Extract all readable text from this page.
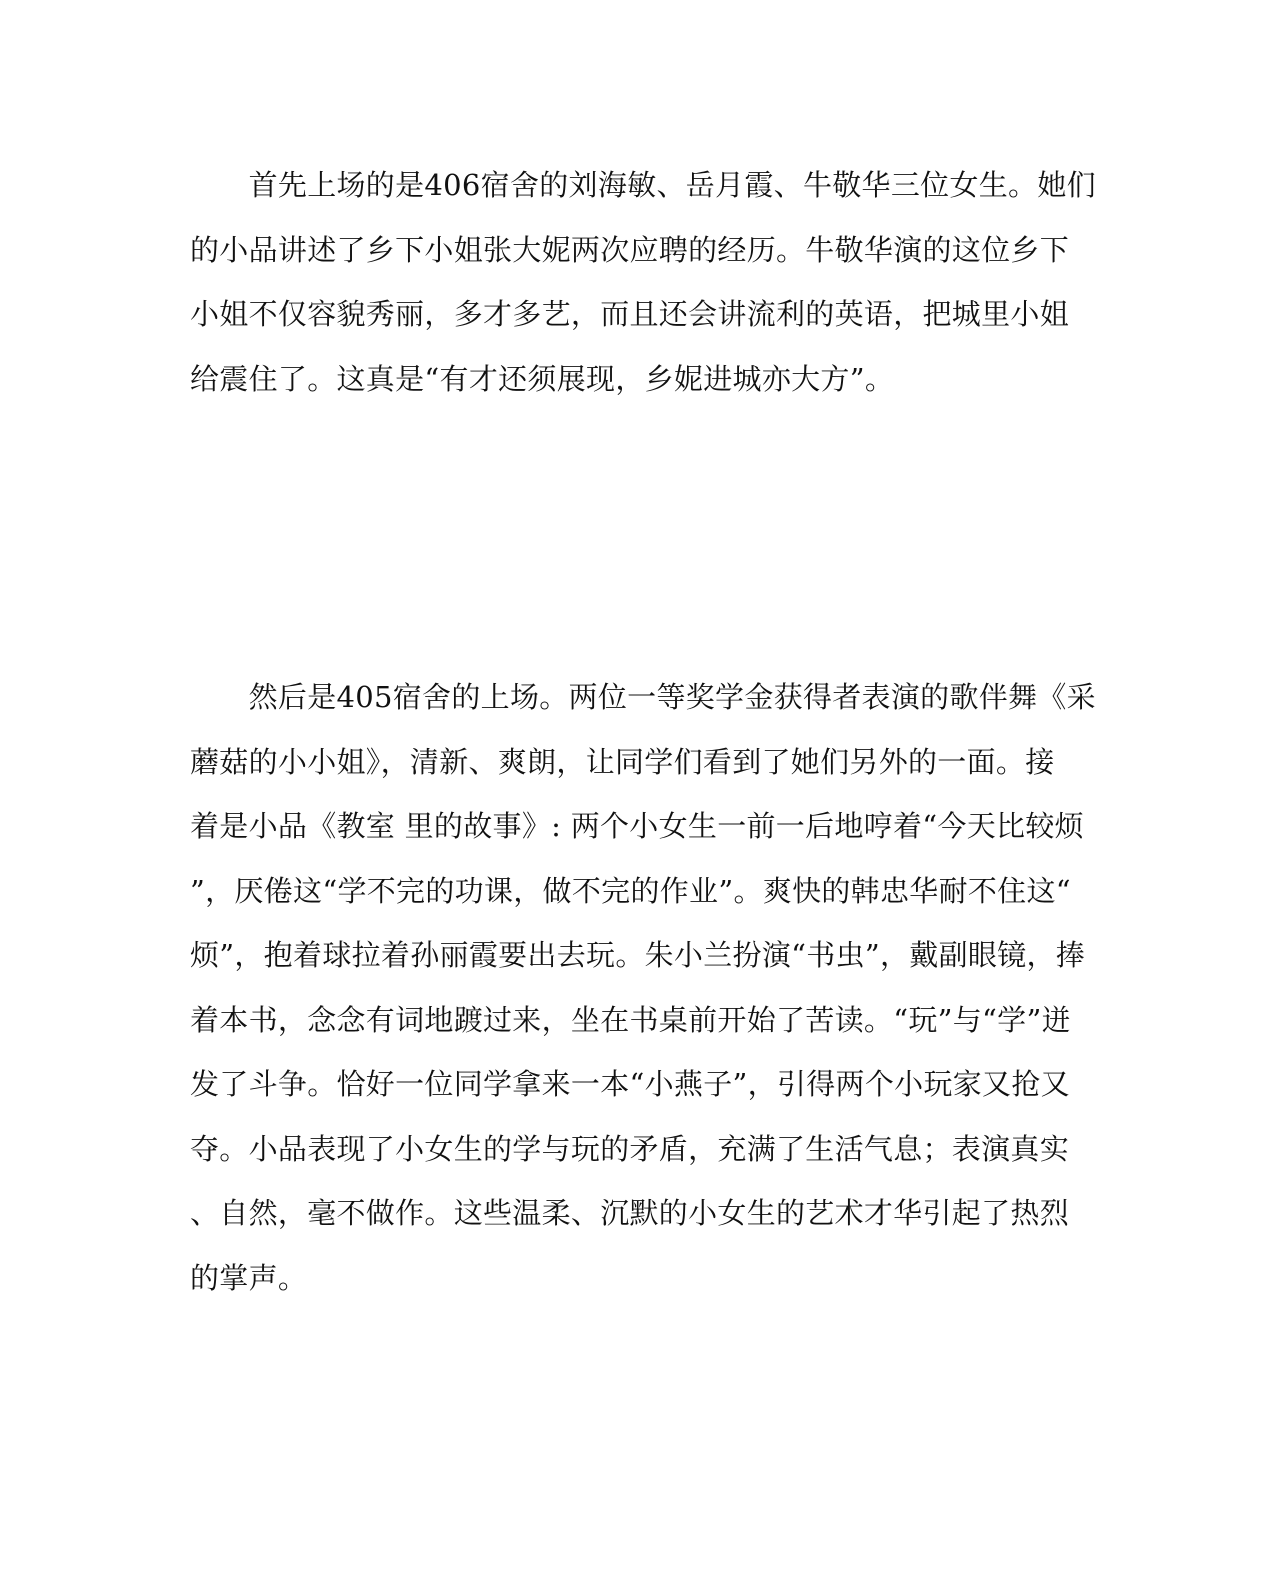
　　首先上场的是406宿舍的刘海敏、岳月霞、牛敬华三位女生。她们
的小品讲述了乡下小姐张大妮两次应聘的经历。牛敬华演的这位乡下
小姐不仅容貌秀丽，多才多艺，而且还会讲流利的英语，把城里小姐
给震住了。这真是“有才还须展现，乡妮进城亦大方”。

　　然后是405宿舍的上场。两位一等奖学金获得者表演的歌伴舞《采
蘑菇的小小姐》，清新、爽朗，让同学们看到了她们另外的一面。接
着是小品《教室 里的故事》: 两个小女生一前一后地哼着“今天比较烦
”，厌倦这“学不完的功课，做不完的作业”。爽快的韩忠华耐不住这“
烦”，抱着球拉着孙丽霞要出去玩。朱小兰扮演“书虫”，戴副眼镜，捧
着本书，念念有词地踱过来，坐在书桌前开始了苦读。“玩”与“学”迸
发了斗争。恰好一位同学拿来一本“小燕子”，引得两个小玩家又抢又
夺。小品表现了小女生的学与玩的矛盾，充满了生活气息；表演真实
、自然，毫不做作。这些温柔、沉默的小女生的艺术才华引起了热烈
的掌声。
